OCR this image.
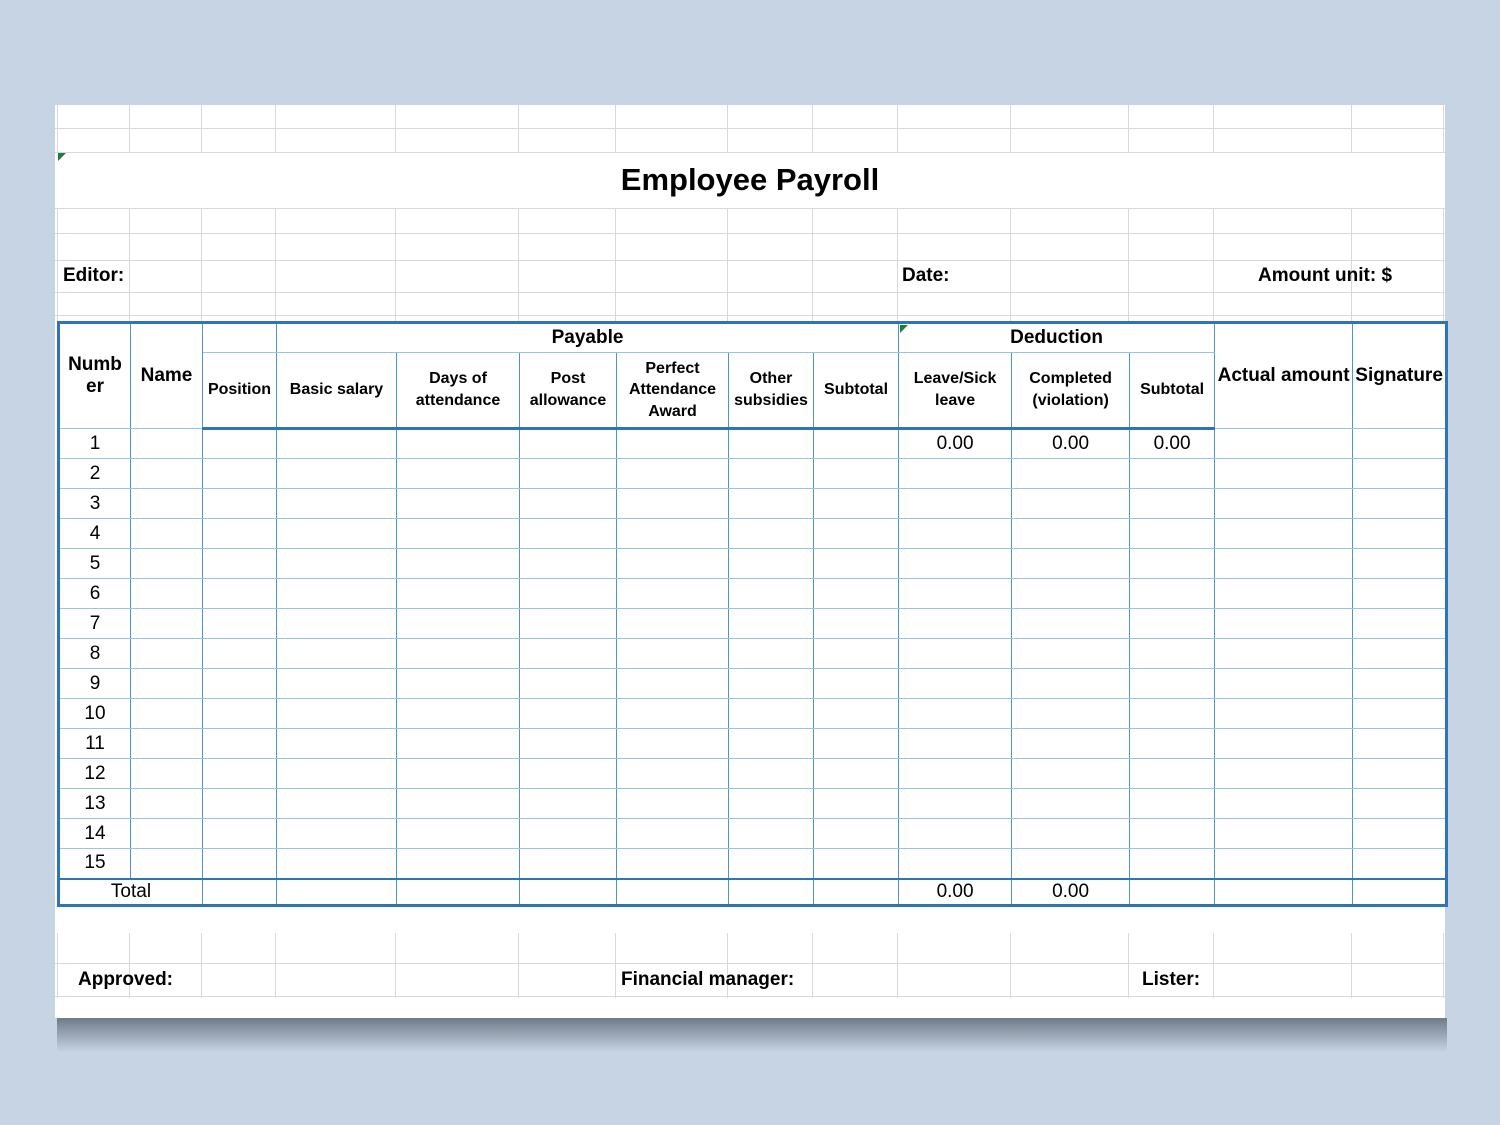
Employee Payroll
Editor:	Date:	Amount unit: $
Number	Name		Payable						Deduction			Actual amount	Signature
		Position	Basic salary	Days of attendance	Post allowance	Perfect Attendance Award	Other subsidies	Subtotal	Leave/Sick leave	Completed (violation)	Subtotal		
1									0.00	0.00	0.00		
2													
3													
4													
5													
6													
7													
8													
9													
10													
11													
12													
13													
14													
15													
Total									0.00	0.00			
Approved:	Financial manager:	Lister:
